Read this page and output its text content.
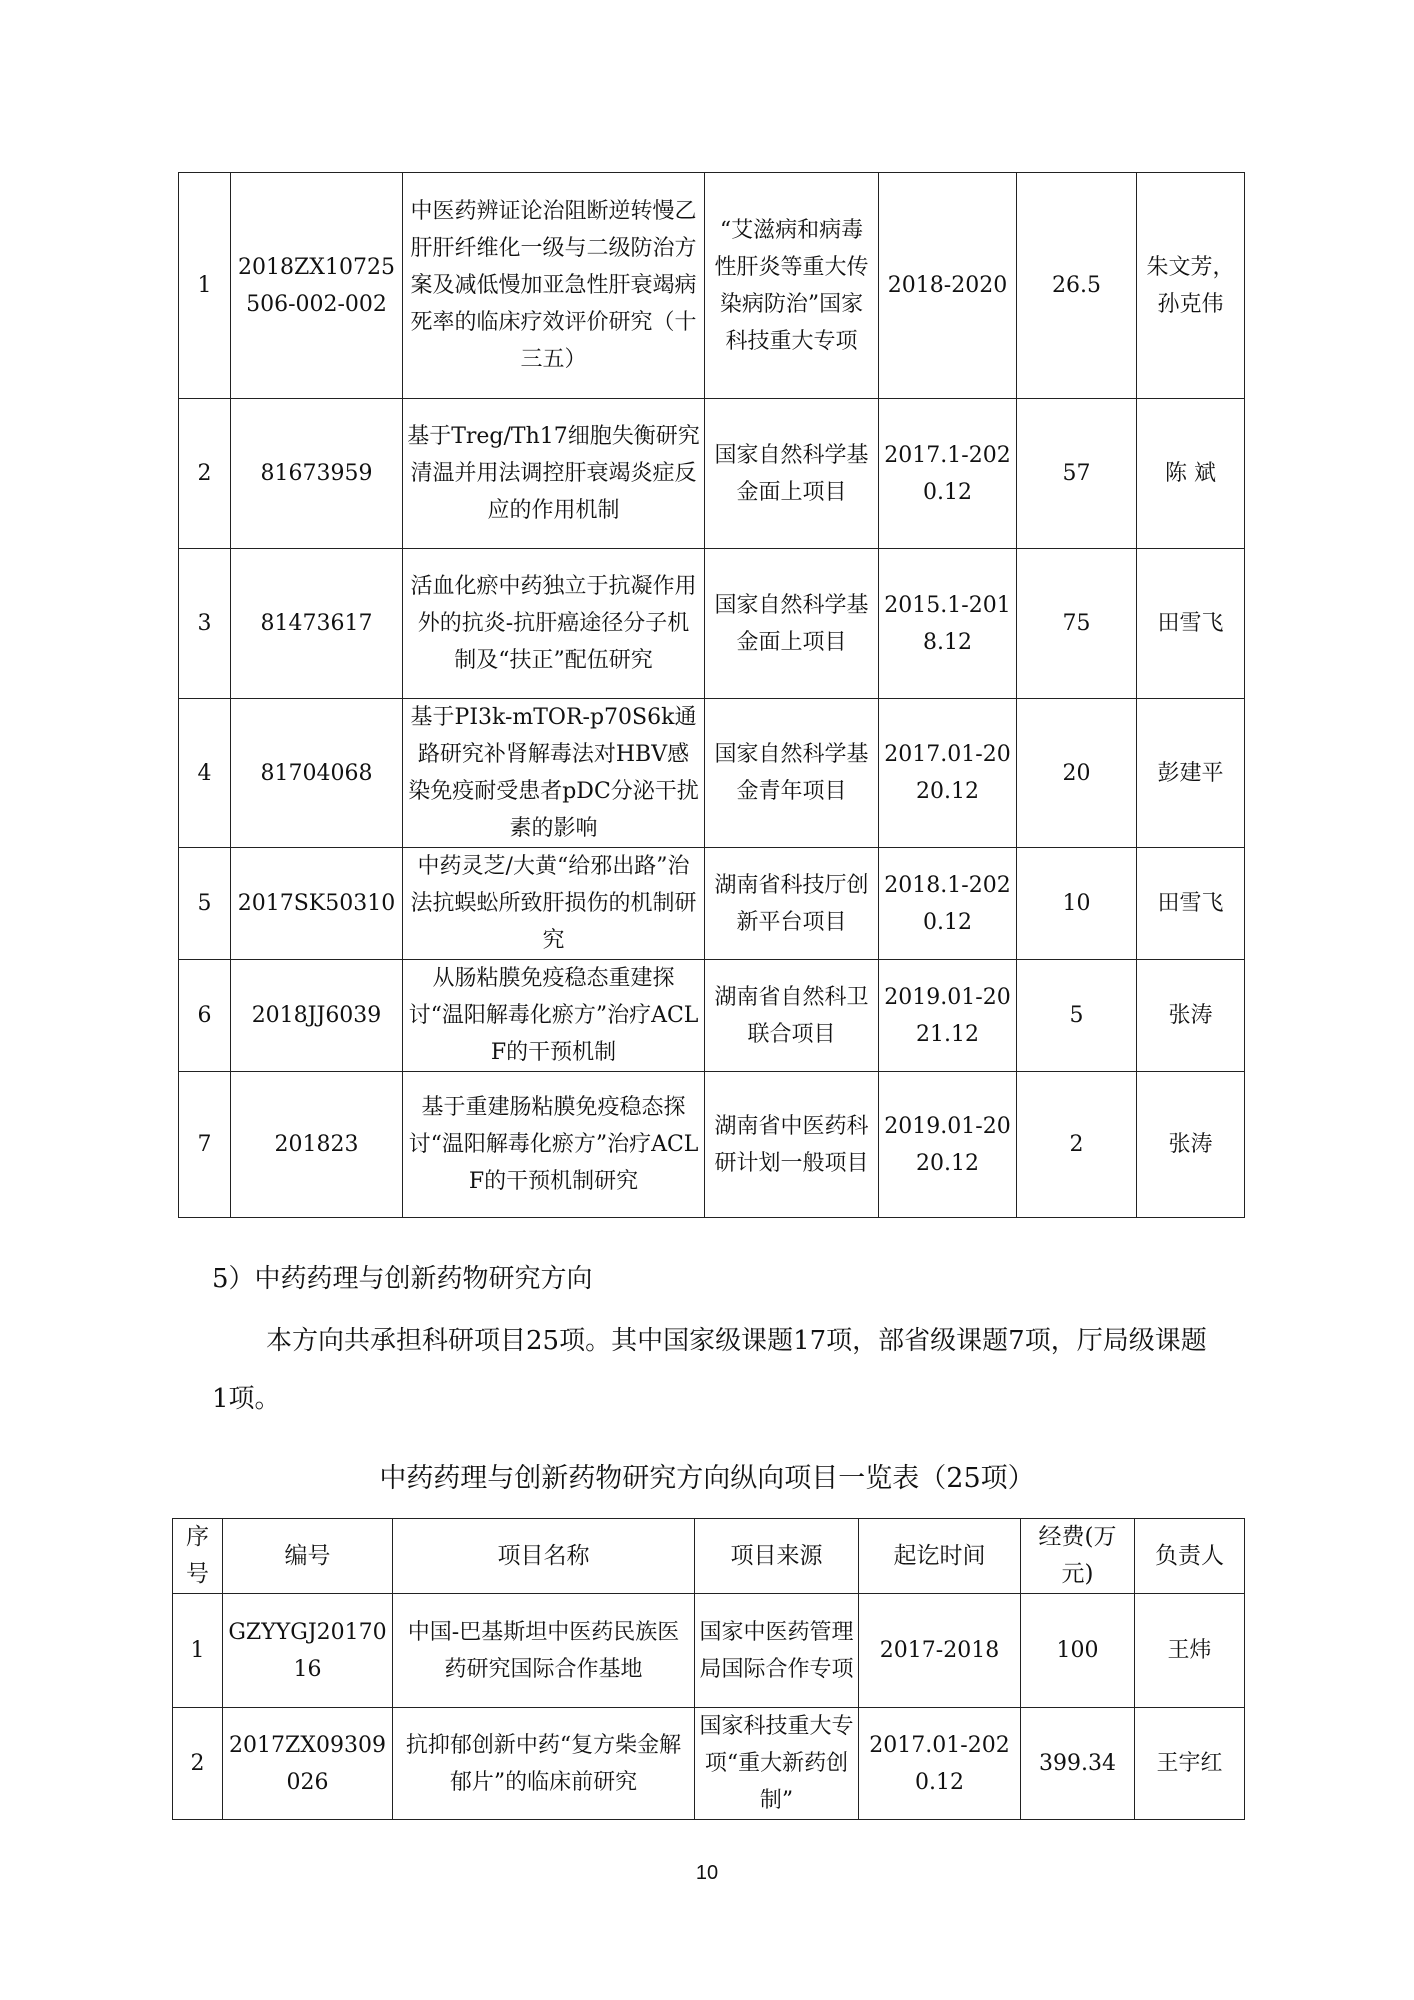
1	2018ZX10725506-002-002	中医药辨证论治阻断逆转慢乙肝肝纤维化一级与二级防治方案及减低慢加亚急性肝衰竭病死率的临床疗效评价研究（十三五）	“艾滋病和病毒性肝炎等重大传染病防治”国家科技重大专项	2018-2020	26.5	朱文芳，孙克伟
2	81673959	基于Treg/Th17细胞失衡研究清温并用法调控肝衰竭炎症反应的作用机制	国家自然科学基金面上项目	2017.1-2020.12	57	陈 斌
3	81473617	活血化瘀中药独立于抗凝作用外的抗炎-抗肝癌途径分子机制及“扶正”配伍研究	国家自然科学基金面上项目	2015.1-2018.12	75	田雪飞
4	81704068	基于PI3k-mTOR-p70S6k通路研究补肾解毒法对HBV感染免疫耐受患者pDC分泌干扰素的影响	国家自然科学基金青年项目	2017.01-2020.12	20	彭建平
5	2017SK50310	中药灵芝/大黄“给邪出路”治法抗蜈蚣所致肝损伤的机制研究	湖南省科技厅创新平台项目	2018.1-2020.12	10	田雪飞
6	2018JJ6039	从肠粘膜免疫稳态重建探讨“温阳解毒化瘀方”治疗ACLF的干预机制	湖南省自然科卫联合项目	2019.01-2021.12	5	张涛
7	201823	基于重建肠粘膜免疫稳态探讨“温阳解毒化瘀方”治疗ACLF的干预机制研究	湖南省中医药科研计划一般项目	2019.01-2020.12	2	张涛
5）中药药理与创新药物研究方向
本方向共承担科研项目25项。其中国家级课题17项，部省级课题7项，厅局级课题1项。
中药药理与创新药物研究方向纵向项目一览表（25项）
序号	编号	项目名称	项目来源	起讫时间	经费(万元)	负责人
1	GZYYGJ2017016	中国-巴基斯坦中医药民族医药研究国际合作基地	国家中医药管理局国际合作专项	2017-2018	100	王炜
2	2017ZX09309026	抗抑郁创新中药“复方柴金解郁片”的临床前研究	国家科技重大专项“重大新药创制”	2017.01-2020.12	399.34	王宇红
10
